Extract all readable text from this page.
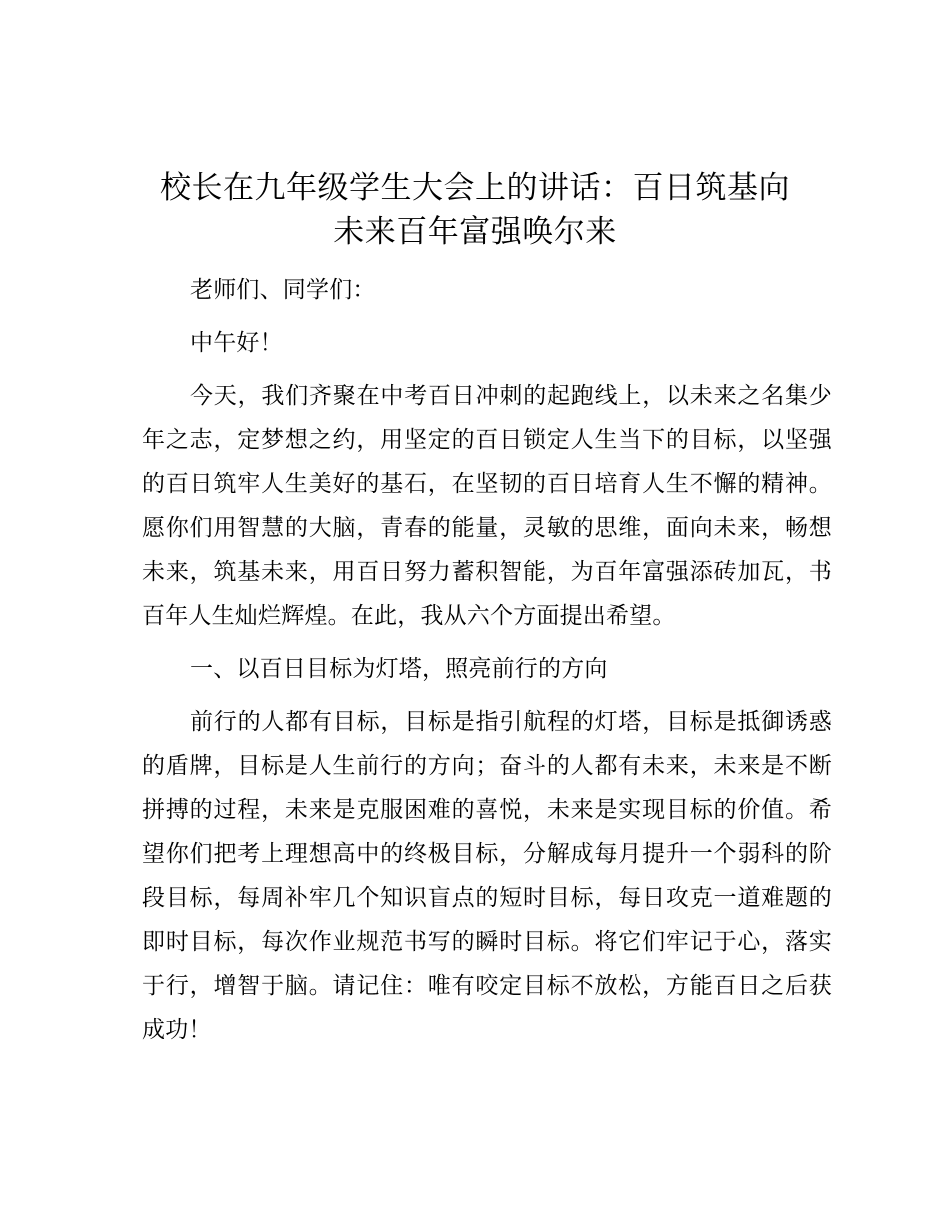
校长在九年级学生大会上的讲话：百日筑基向
未来百年富强唤尔来

老师们、同学们：

中午好！

今天，我们齐聚在中考百日冲刺的起跑线上，以未来之名集少年之志，定梦想之约，用坚定的百日锁定人生当下的目标，以坚强的百日筑牢人生美好的基石，在坚韧的百日培育人生不懈的精神。愿你们用智慧的大脑，青春的能量，灵敏的思维，面向未来，畅想未来，筑基未来，用百日努力蓄积智能，为百年富强添砖加瓦，书百年人生灿烂辉煌。在此，我从六个方面提出希望。

一、以百日目标为灯塔，照亮前行的方向

前行的人都有目标，目标是指引航程的灯塔，目标是抵御诱惑的盾牌，目标是人生前行的方向；奋斗的人都有未来，未来是不断拼搏的过程，未来是克服困难的喜悦，未来是实现目标的价值。希望你们把考上理想高中的终极目标，分解成每月提升一个弱科的阶段目标，每周补牢几个知识盲点的短时目标，每日攻克一道难题的即时目标，每次作业规范书写的瞬时目标。将它们牢记于心，落实于行，增智于脑。请记住：唯有咬定目标不放松，方能百日之后获成功！
